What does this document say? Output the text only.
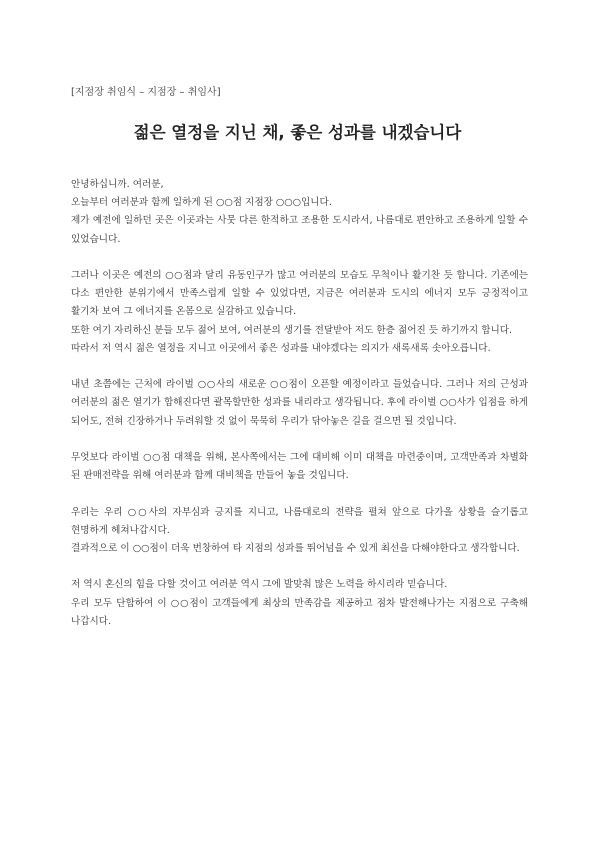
[지점장 취임식 – 지점장 – 취임사]
젊은 열정을 지닌 채, 좋은 성과를 내겠습니다

안녕하십니까. 여러분,

오늘부터 여러분과 함께 일하게 된 ○○점 지점장 ○○○입니다.

제가 예전에 일하던 곳은 이곳과는 사뭇 다른 한적하고 조용한 도시라서, 나름대로 편안하고 조용하게 일할 수 있었습니다.

그러나 이곳은 예전의 ○○점과 달리 유동인구가 많고 여러분의 모습도 무척이나 활기찬 듯 합니다. 기존에는 다소 편안한 분위기에서 만족스럽게 일할 수 있었다면, 지금은 여러분과 도시의 에너지 모두 긍정적이고 활기차 보여 그 에너지를 온몸으로 실감하고 있습니다.

또한 여기 자리하신 분들 모두 젊어 보여, 여러분의 생기를 전달받아 저도 한층 젊어진 듯 하기까지 합니다.

따라서 저 역시 젊은 열정을 지니고 이곳에서 좋은 성과를 내야겠다는 의지가 새록새록 솟아오릅니다.

내년 초쯤에는 근처에 라이벌 ○○사의 새로운 ○○점이 오픈할 예정이라고 들었습니다. 그러나 저의 근성과 여러분의 젊은 열기가 합해진다면 괄목할만한 성과를 내리라고 생각됩니다. 후에 라이벌 ○○사가 입점을 하게 되어도, 전혀 긴장하거나 두려워할 것 없이 묵묵히 우리가 닦아놓은 길을 걸으면 될 것입니다.

무엇보다 라이벌 ○○점 대책을 위해, 본사쪽에서는 그에 대비해 이미 대책을 마련중이며, 고객만족과 차별화 된 판매전략을 위해 여러분과 함께 대비책을 만들어 놓을 것입니다.

우리는 우리 ○○사의 자부심과 긍지를 지니고, 나름대로의 전략을 펼쳐 앞으로 다가올 상황을 슬기롭고 현명하게 헤쳐나갑시다.

결과적으로 이 ○○점이 더욱 번창하여 타 지점의 성과를 뛰어넘을 수 있게 최선을 다해야한다고 생각합니다.

저 역시 혼신의 힘을 다할 것이고 여러분 역시 그에 발맞춰 많은 노력을 하시리라 믿습니다.

우리 모두 단합하여 이 ○○점이 고객들에게 최상의 만족감을 제공하고 점차 발전해나가는 지점으로 구축해 나갑시다.
